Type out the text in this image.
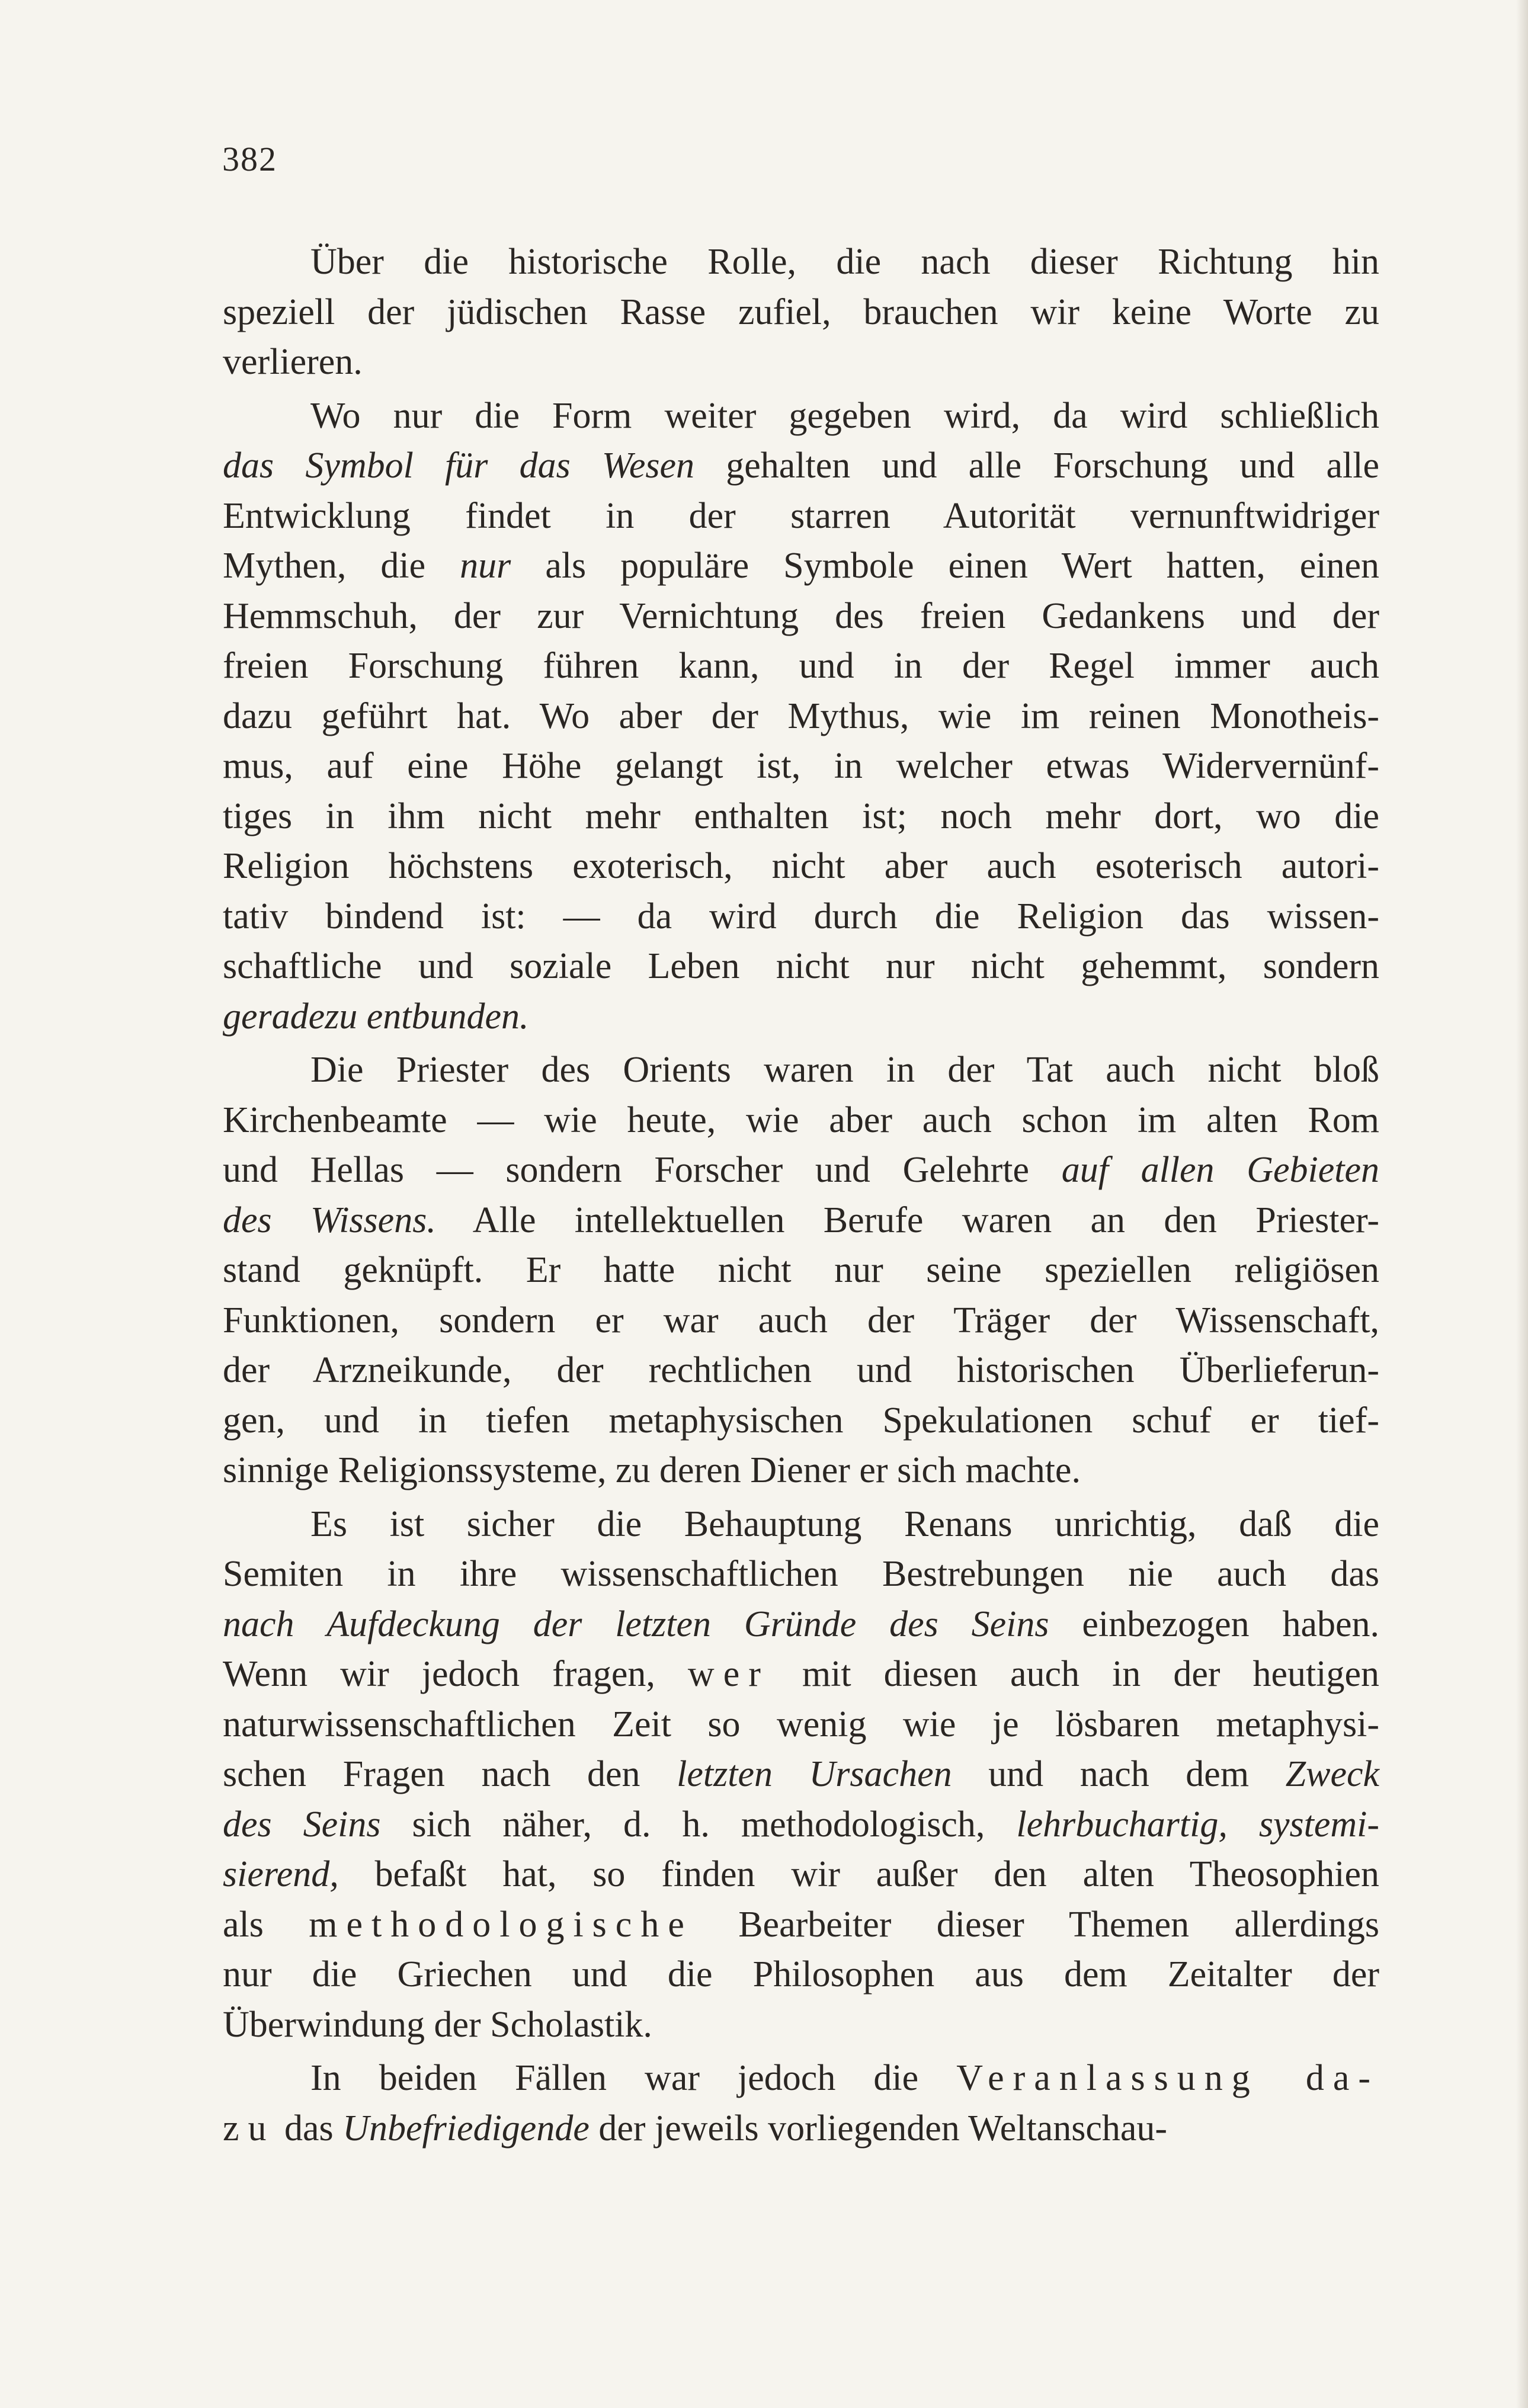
382
Über die historische Rolle, die nach dieser Richtung hin
speziell der jüdischen Rasse zufiel, brauchen wir keine Worte zu
verlieren.
Wo nur die Form weiter gegeben wird, da wird schließlich
das Symbol für das Wesen gehalten und alle Forschung und alle
Entwicklung findet in der starren Autorität vernunftwidriger
Mythen, die nur als populäre Symbole einen Wert hatten, einen
Hemmschuh, der zur Vernichtung des freien Gedankens und der
freien Forschung führen kann, und in der Regel immer auch
dazu geführt hat. Wo aber der Mythus, wie im reinen Monotheis-
mus, auf eine Höhe gelangt ist, in welcher etwas Widervernünf-
tiges in ihm nicht mehr enthalten ist; noch mehr dort, wo die
Religion höchstens exoterisch, nicht aber auch esoterisch autori-
tativ bindend ist: — da wird durch die Religion das wissen-
schaftliche und soziale Leben nicht nur nicht gehemmt, sondern
geradezu entbunden.
Die Priester des Orients waren in der Tat auch nicht bloß
Kirchenbeamte — wie heute, wie aber auch schon im alten Rom
und Hellas — sondern Forscher und Gelehrte auf allen Gebieten
des Wissens. Alle intellektuellen Berufe waren an den Priester-
stand geknüpft. Er hatte nicht nur seine speziellen religiösen
Funktionen, sondern er war auch der Träger der Wissenschaft,
der Arzneikunde, der rechtlichen und historischen Überlieferun-
gen, und in tiefen metaphysischen Spekulationen schuf er tief-
sinnige Religionssysteme, zu deren Diener er sich machte.
Es ist sicher die Behauptung Renans unrichtig, daß die
Semiten in ihre wissenschaftlichen Bestrebungen nie auch das
nach Aufdeckung der letzten Gründe des Seins einbezogen haben.
Wenn wir jedoch fragen, wer mit diesen auch in der heutigen
naturwissenschaftlichen Zeit so wenig wie je lösbaren metaphysi-
schen Fragen nach den letzten Ursachen und nach dem Zweck
des Seins sich näher, d. h. methodologisch, lehrbuchartig, systemi-
sierend, befaßt hat, so finden wir außer den alten Theosophien
als methodologische Bearbeiter dieser Themen allerdings
nur die Griechen und die Philosophen aus dem Zeitalter der
Überwindung der Scholastik.
In beiden Fällen war jedoch die Veranlassung da-
zu das Unbefriedigende der jeweils vorliegenden Weltanschau-
